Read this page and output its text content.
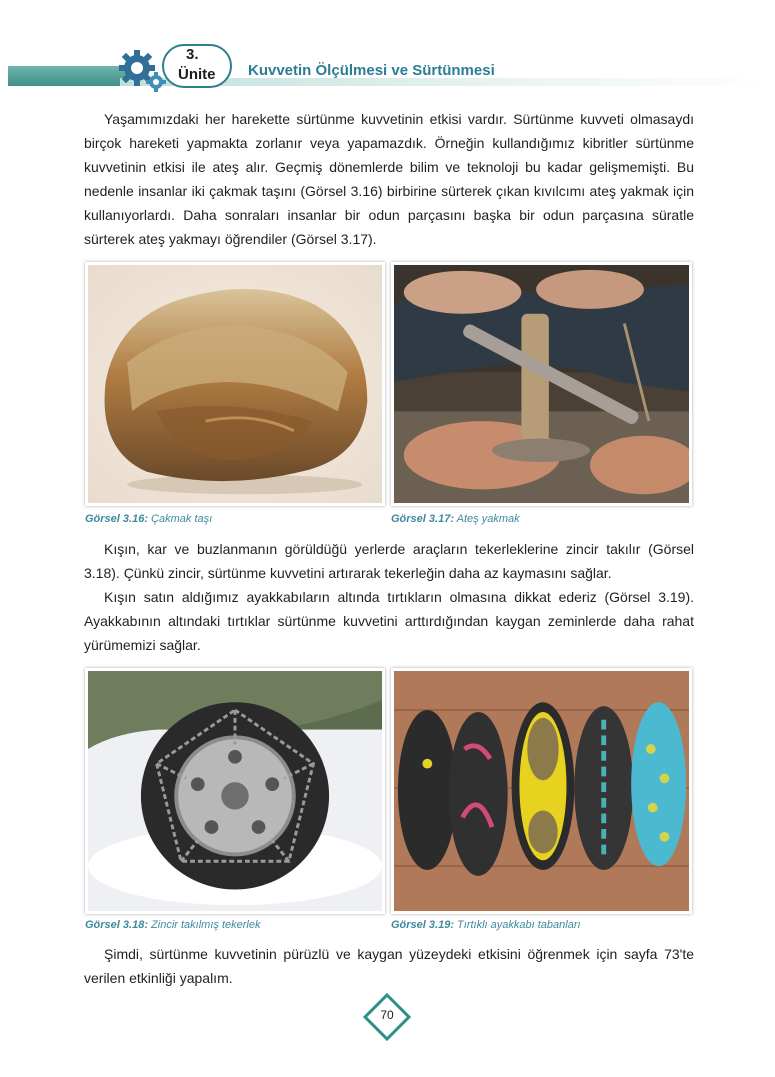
3.
Ünite Kuvvetin Ölçülmesi ve Sürtünmesi

Yaşamımızdaki her harekette sürtünme kuvvetinin etkisi vardır. Sürtünme kuvveti olmasaydı birçok hareketi yapmakta zorlanır veya yapamazdık. Örneğin kullandığımız kibritler sürtünme kuvvetinin etkisi ile ateş alır. Geçmiş dönemlerde bilim ve teknoloji bu kadar gelişmemişti. Bu nedenle insanlar iki çakmak taşını (Görsel 3.16) birbirine sürterek çıkan kıvılcımı ateş yakmak için kullanıyorlardı. Daha sonraları insanlar bir odun parçasını başka bir odun parçasına süratle sürterek ateş yakmayı öğrendiler (Görsel 3.17).

Görsel 3.16: Çakmak taşı	Görsel 3.17: Ateş yakmak

Kışın, kar ve buzlanmanın görüldüğü yerlerde araçların tekerleklerine zincir takılır (Görsel 3.18). Çünkü zincir, sürtünme kuvvetini artırarak tekerleğin daha az kaymasını sağlar.

Kışın satın aldığımız ayakkabıların altında tırtıkların olmasına dikkat ederiz (Görsel 3.19). Ayakkabının altındaki tırtıklar sürtünme kuvvetini arttırdığından kaygan zeminlerde daha rahat yürümemizi sağlar.

Görsel 3.18: Zincir takılmış tekerlek	Görsel 3.19: Tırtıklı ayakkabı tabanları

Şimdi, sürtünme kuvvetinin pürüzlü ve kaygan yüzeydeki etkisini öğrenmek için sayfa 73'te verilen etkinliği yapalım.

70
